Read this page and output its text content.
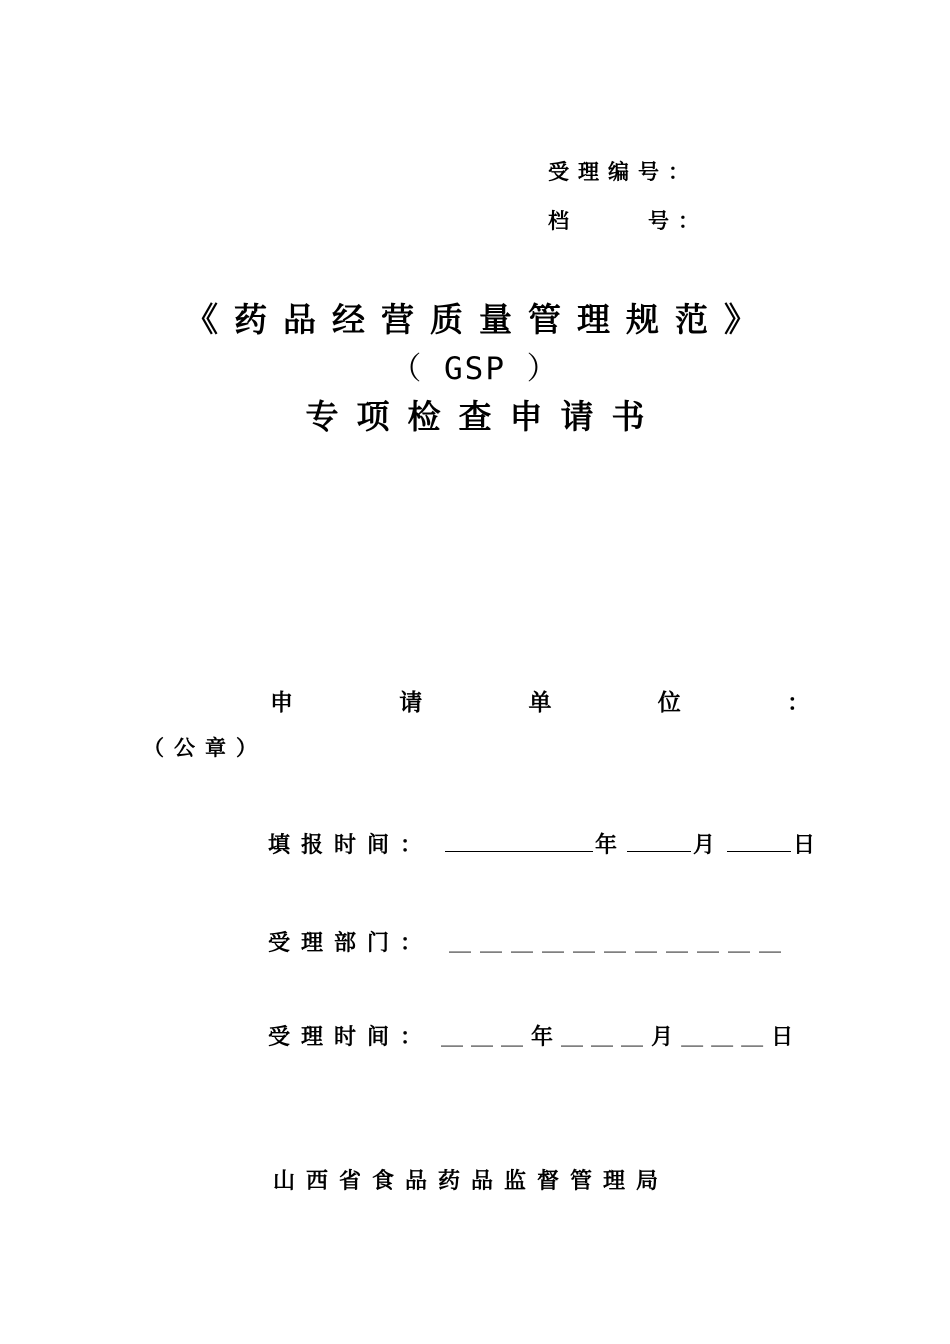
受理编号：
档	号：
《药品经营质量管理规范》
（ GSP ）
专项检查申请书
申	请	单	位	：
（公章）
填报时间：	年	月	日
受理部门： ＿＿＿＿＿＿＿＿＿＿＿
受理时间： ＿＿＿ 年 ＿＿＿ 月 ＿＿＿ 日
山西省食品药品监督管理局
